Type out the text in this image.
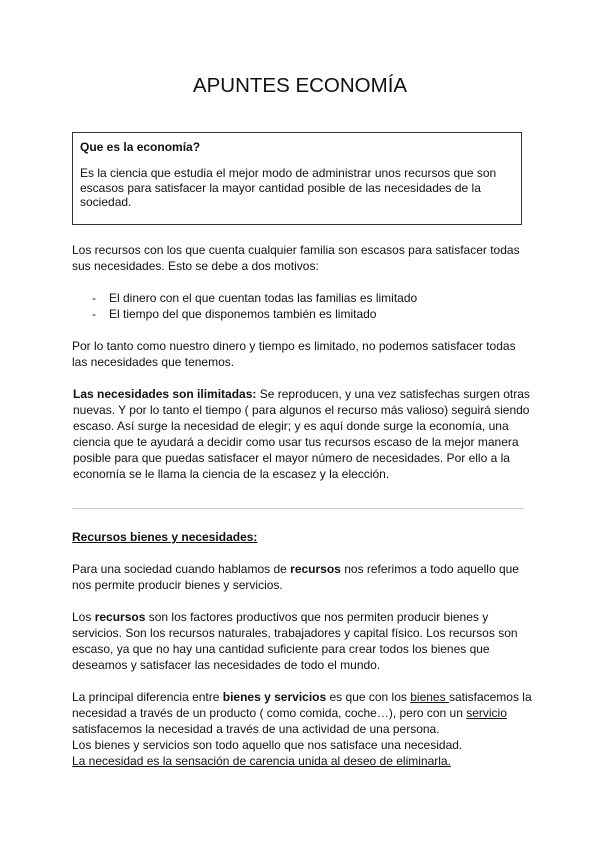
APUNTES ECONOMÍA

Que es la economía?

Es la ciencia que estudia el mejor modo de administrar unos recursos que son escasos para satisfacer la mayor cantidad posible de las necesidades de la sociedad.

Los recursos con los que cuenta cualquier familia son escasos para satisfacer todas sus necesidades. Esto se debe a dos motivos:

- El dinero con el que cuentan todas las familias es limitado
- El tiempo del que disponemos también es limitado

Por lo tanto como nuestro dinero y tiempo es limitado, no podemos satisfacer todas las necesidades que tenemos.

Las necesidades son ilimitadas: Se reproducen, y una vez satisfechas surgen otras nuevas. Y por lo tanto el tiempo ( para algunos el recurso más valioso) seguirá siendo escaso. Así surge la necesidad de elegir; y es aquí donde surge la economía, una ciencia que te ayudará a decidir como usar tus recursos escaso de la mejor manera posible para que puedas satisfacer el mayor número de necesidades. Por ello a la economía se le llama la ciencia de la escasez y la elección.

Recursos bienes y necesidades:

Para una sociedad cuando hablamos de recursos nos referimos a todo aquello que nos permite producir bienes y servicios.

Los recursos son los factores productivos que nos permiten producir bienes y servicios. Son los recursos naturales, trabajadores y capital físico. Los recursos son escaso, ya que no hay una cantidad suficiente para crear todos los bienes que deseamos y satisfacer las necesidades de todo el mundo.

La principal diferencia entre bienes y servicios es que con los bienes satisfacemos la necesidad a través de un producto ( como comida, coche…), pero con un servicio satisfacemos la necesidad a través de una actividad de una persona.

Los bienes y servicios son todo aquello que nos satisface una necesidad.

La necesidad es la sensación de carencia unida al deseo de eliminarla.
